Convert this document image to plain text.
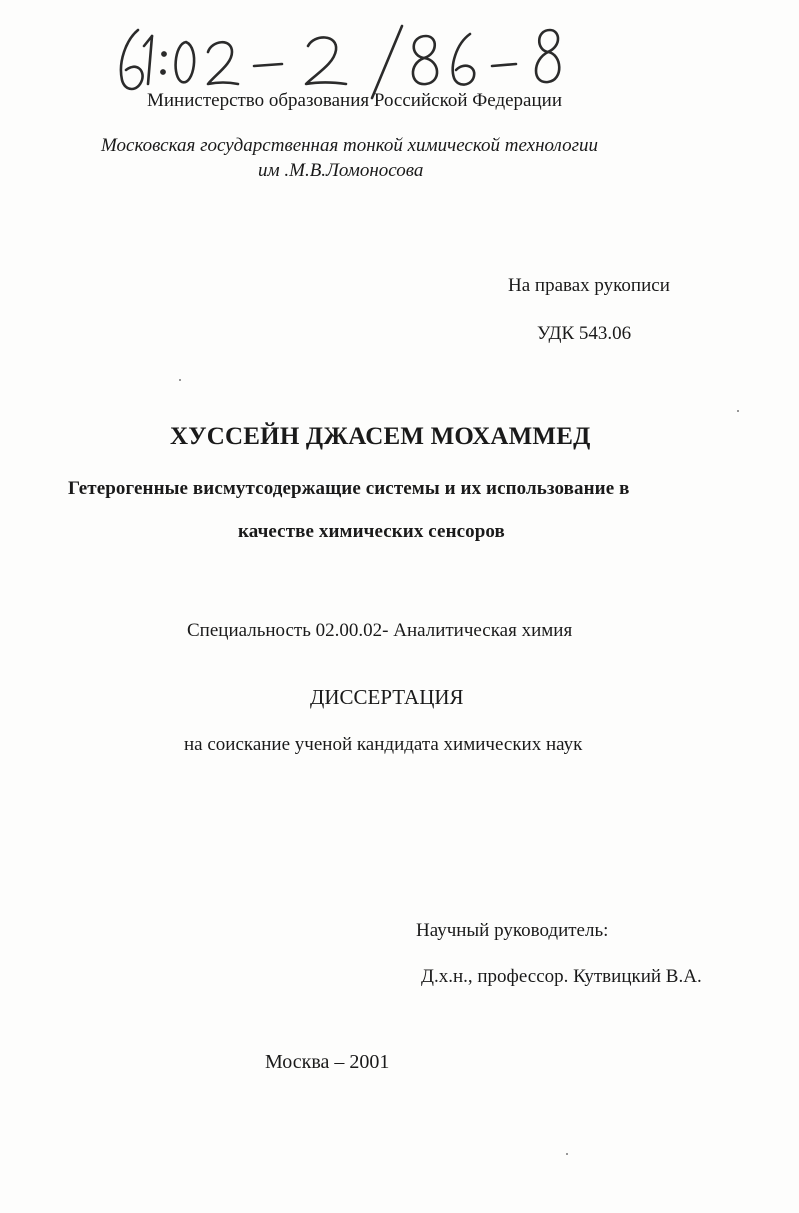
Министерство образования Российской Федерации
Московская государственная тонкой химической технологии
им .М.В.Ломоносова
На правах рукописи
УДК 543.06
ХУССЕЙН ДЖАСЕМ МОХАММЕД
Гетерогенные висмутсодержащие системы и их использование в
качестве химических сенсоров
Специальность 02.00.02- Аналитическая химия
ДИССЕРТАЦИЯ
на соискание ученой кандидата химических наук
Научный руководитель:
Д.х.н., профессор. Кутвицкий В.А.
Москва – 2001
